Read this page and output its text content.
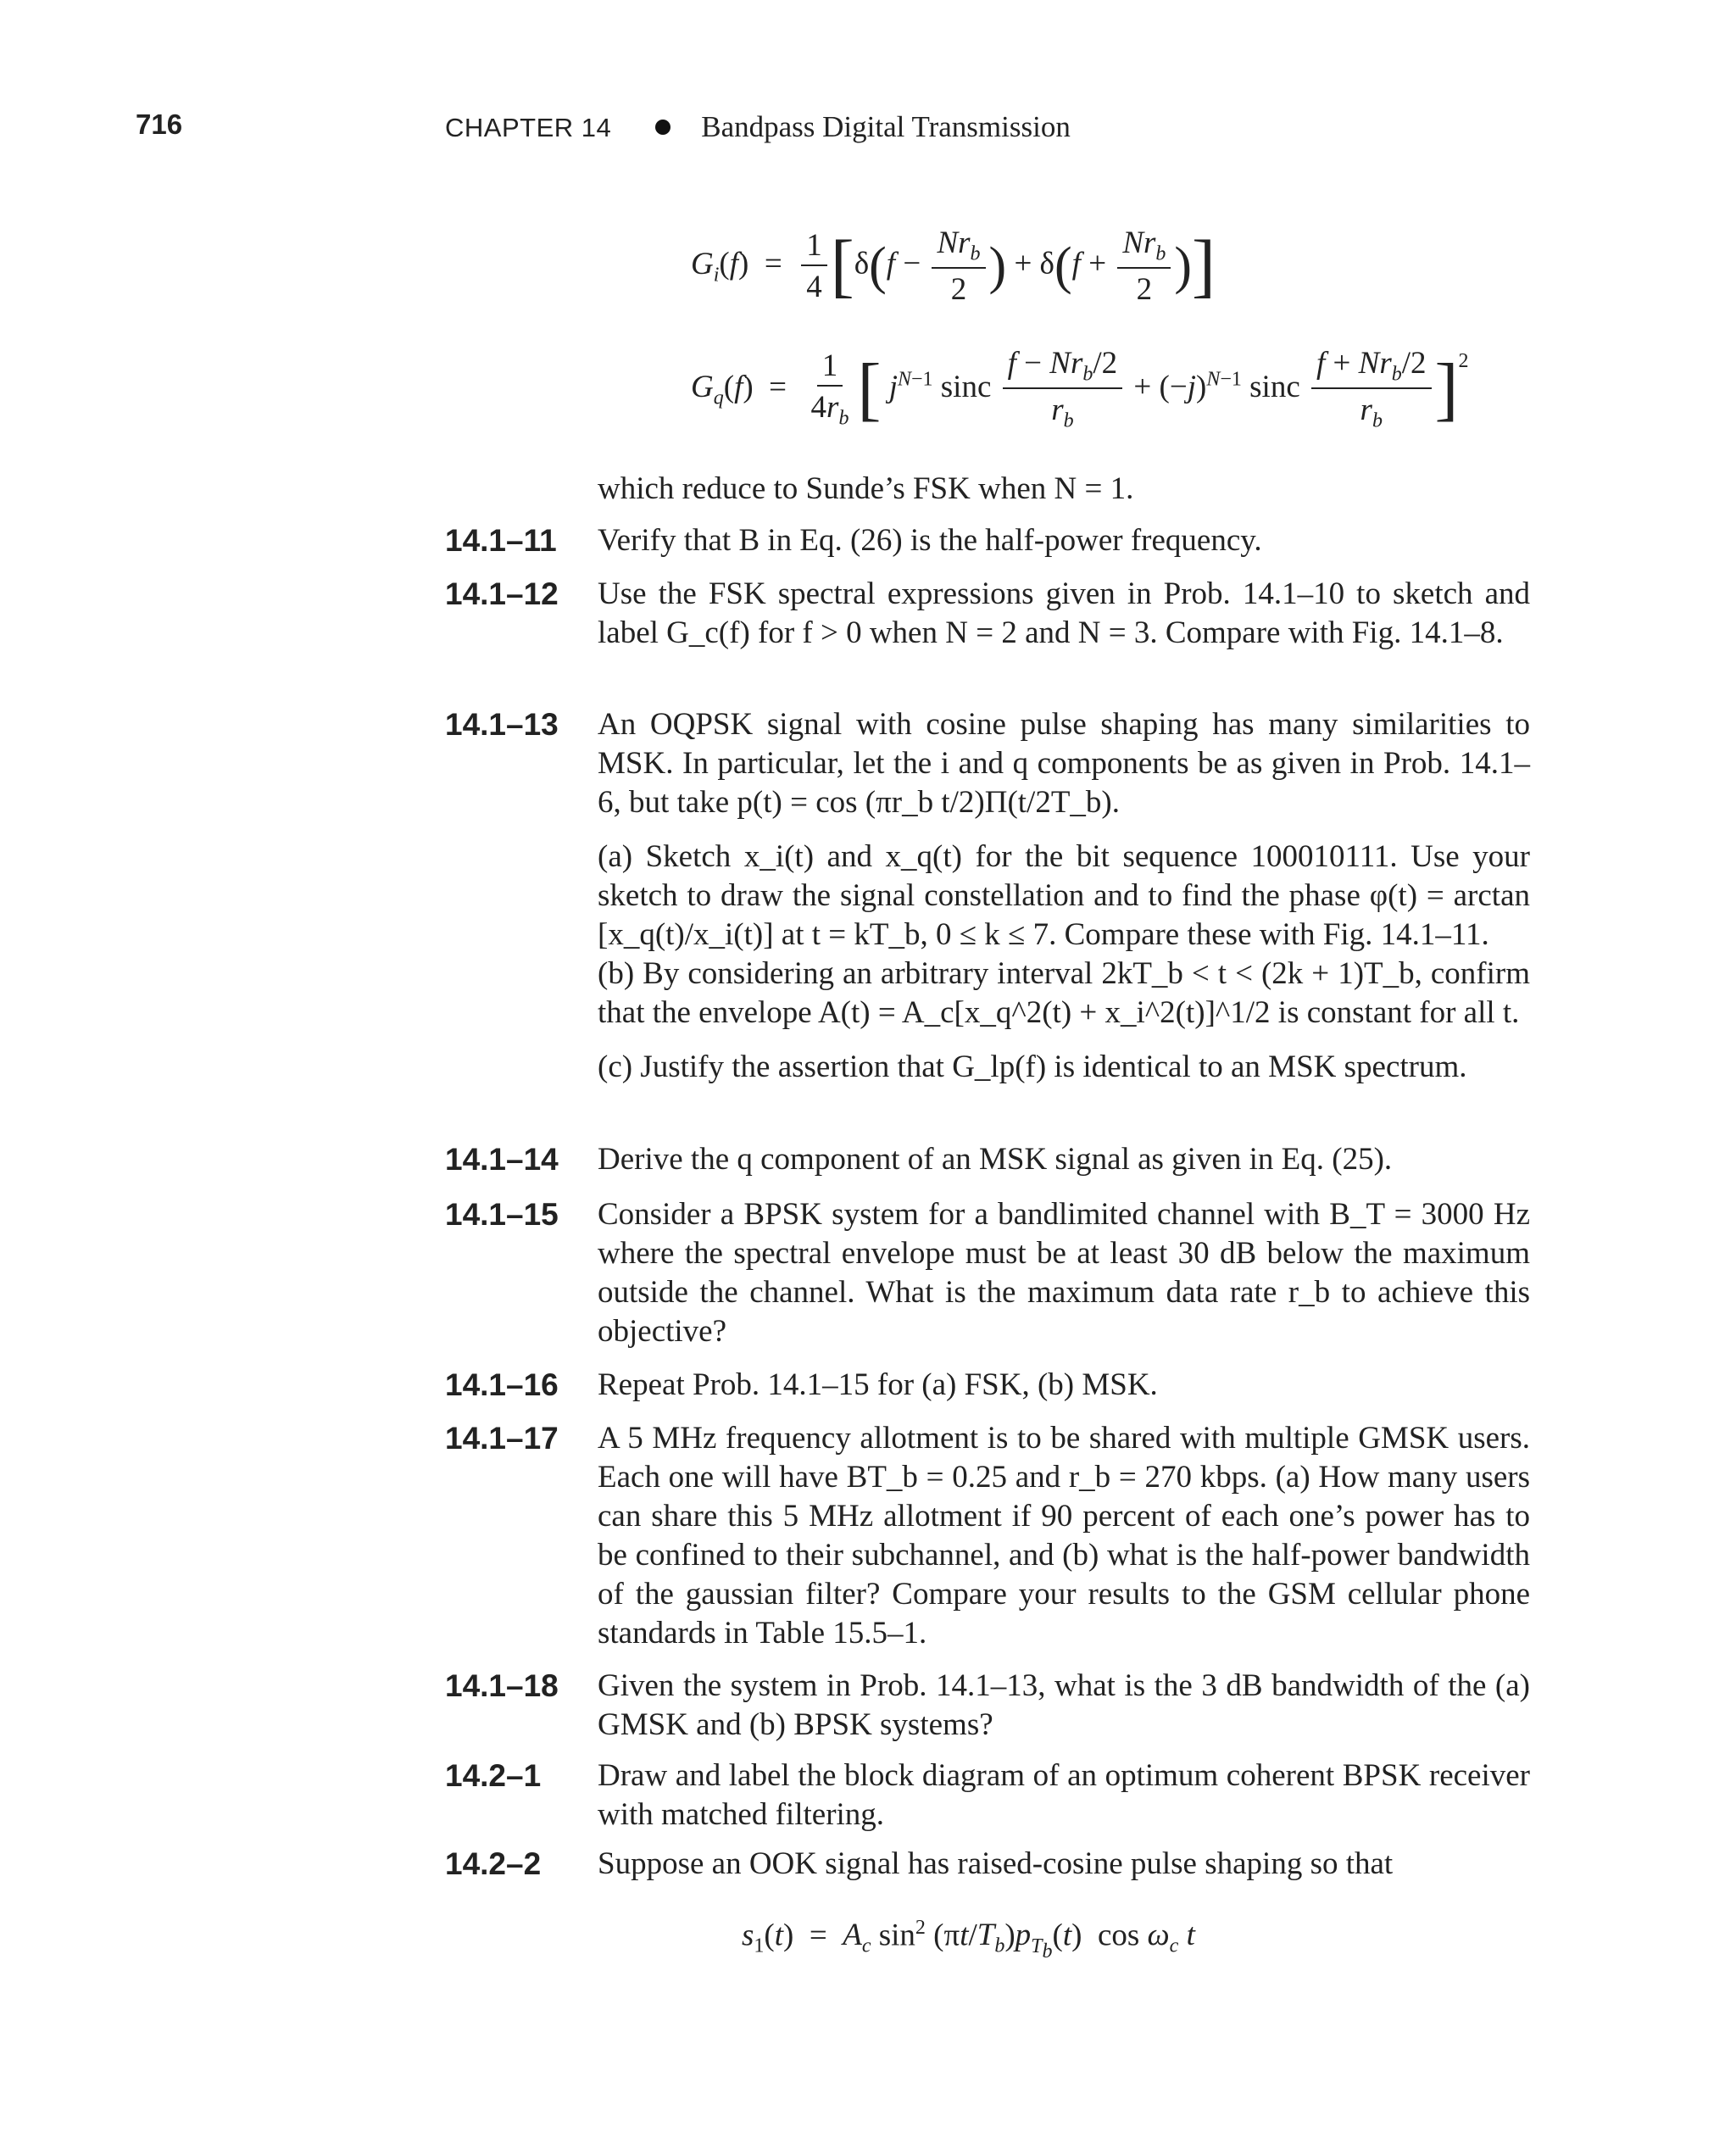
716	CHAPTER 14	Bandpass Digital Transmission
$G_i(f) = \frac{1}{4} [\delta(f - \frac{Nr_b}{2}$ ) + $\delta(f + \frac{Nr_b}{2}$ )]
$G_q(f) = \frac{1}{4r_b}$ [ $j^{N-1}$ sinc $\frac{f - Nr_b/2}{r_b} + (-j)^{N-1}$ sinc $\frac{f + Nr_b/2}{r_b} ]^2$
which reduce to Sunde’s FSK when N = 1.
14.1–11 Verify that B in Eq. (26) is the half-power frequency.
14.1–12 Use the FSK spectral expressions given in Prob. 14.1–10 to sketch and label G_c(f) for f > 0 when N = 2 and N = 3. Compare with Fig. 14.1–8.
14.1–13 An OQPSK signal with cosine pulse shaping has many similarities to MSK. In particular, let the i and q components be as given in Prob. 14.1–6, but take p(t) = cos (πr_b t/2)Π(t/2T_b).

(a) Sketch x_i(t) and x_q(t) for the bit sequence 100010111. Use your sketch to draw the signal constellation and to find the phase φ(t) = arctan [x_q(t)/x_i(t)] at t = kT_b, 0 ≤ k ≤ 7. Compare these with Fig. 14.1–11.

(b) By considering an arbitrary interval 2kT_b < t < (2k + 1)T_b, confirm that the envelope A(t) = A_c[x_q^2(t) + x_i^2(t)]^1/2 is constant for all t.

(c) Justify the assertion that G_lp(f) is identical to an MSK spectrum.

14.1–14 Derive the q component of an MSK signal as given in Eq. (25).
14.1–15 Consider a BPSK system for a bandlimited channel with B_T = 3000 Hz where the spectral envelope must be at least 30 dB below the maximum outside the channel. What is the maximum data rate r_b to achieve this objective?
14.1–16 Repeat Prob. 14.1–15 for (a) FSK, (b) MSK.
14.1–17 A 5 MHz frequency allotment is to be shared with multiple GMSK users. Each one will have BT_b = 0.25 and r_b = 270 kbps. (a) How many users can share this 5 MHz allotment if 90 percent of each one’s power has to be confined to their subchannel, and (b) what is the half-power bandwidth of the gaussian filter? Compare your results to the GSM cellular phone standards in Table 15.5–1.
14.1–18 Given the system in Prob. 14.1–13, what is the 3 dB bandwidth of the (a) GMSK and (b) BPSK systems?
14.2–1 Draw and label the block diagram of an optimum coherent BPSK receiver with matched filtering.
14.2–2 Suppose an OOK signal has raised-cosine pulse shaping so that
$s_1(t) = A_c$ $\sin^2 (\pi t/T_b)p_{T_b}(t)$  $\cos \omega_c$ t
